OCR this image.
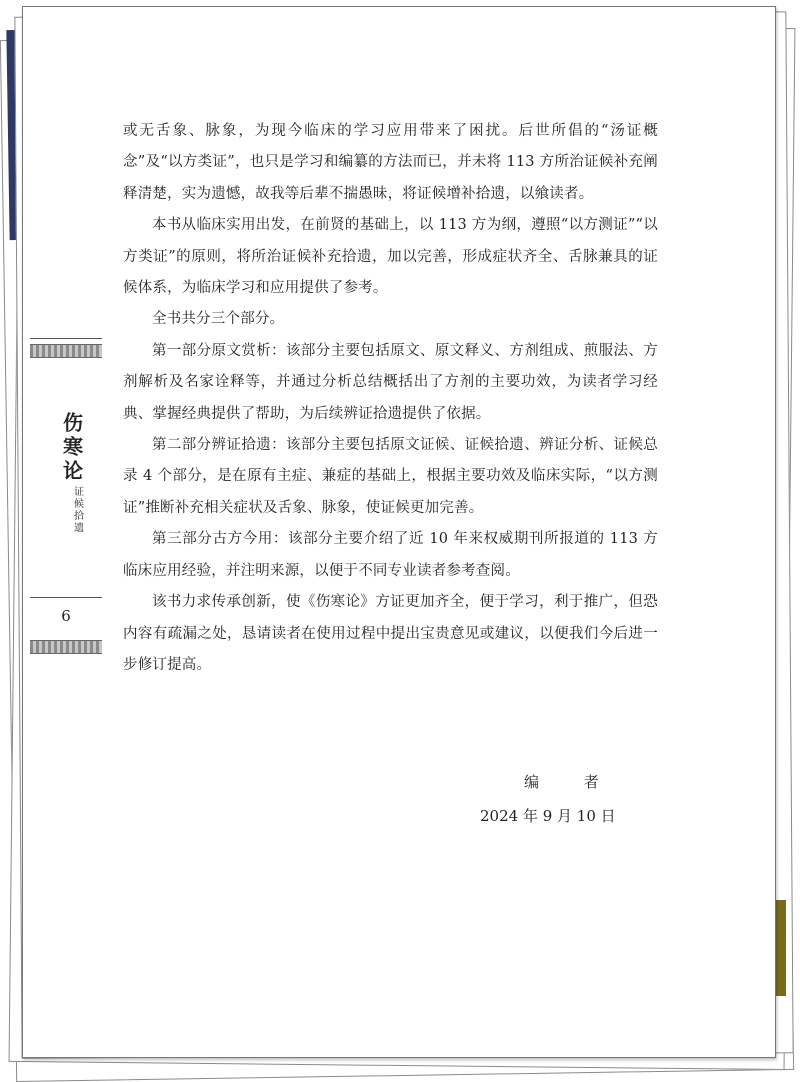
伤寒论
证候拾遗
6

或无舌象、脉象，为现今临床的学习应用带来了困扰。后世所倡的“汤证概念”及“以方类证”，也只是学习和编纂的方法而已，并未将 113 方所治证候补充阐释清楚，实为遗憾，故我等后辈不揣愚昧，将证候增补拾遗，以飨读者。

本书从临床实用出发，在前贤的基础上，以 113 方为纲，遵照“以方测证”“以方类证”的原则，将所治证候补充拾遗，加以完善，形成症状齐全、舌脉兼具的证候体系，为临床学习和应用提供了参考。

全书共分三个部分。

第一部分原文赏析：该部分主要包括原文、原文释义、方剂组成、煎服法、方剂解析及名家诠释等，并通过分析总结概括出了方剂的主要功效，为读者学习经典、掌握经典提供了帮助，为后续辨证拾遗提供了依据。

第二部分辨证拾遗：该部分主要包括原文证候、证候拾遗、辨证分析、证候总录 4 个部分，是在原有主症、兼症的基础上，根据主要功效及临床实际，“以方测证”推断补充相关症状及舌象、脉象，使证候更加完善。

第三部分古方今用：该部分主要介绍了近 10 年来权威期刊所报道的 113 方临床应用经验，并注明来源，以便于不同专业读者参考查阅。

该书力求传承创新，使《伤寒论》方证更加齐全，便于学习，利于推广，但恐内容有疏漏之处，恳请读者在使用过程中提出宝贵意见或建议，以便我们今后进一步修订提高。

编 者
2024 年 9 月 10 日
